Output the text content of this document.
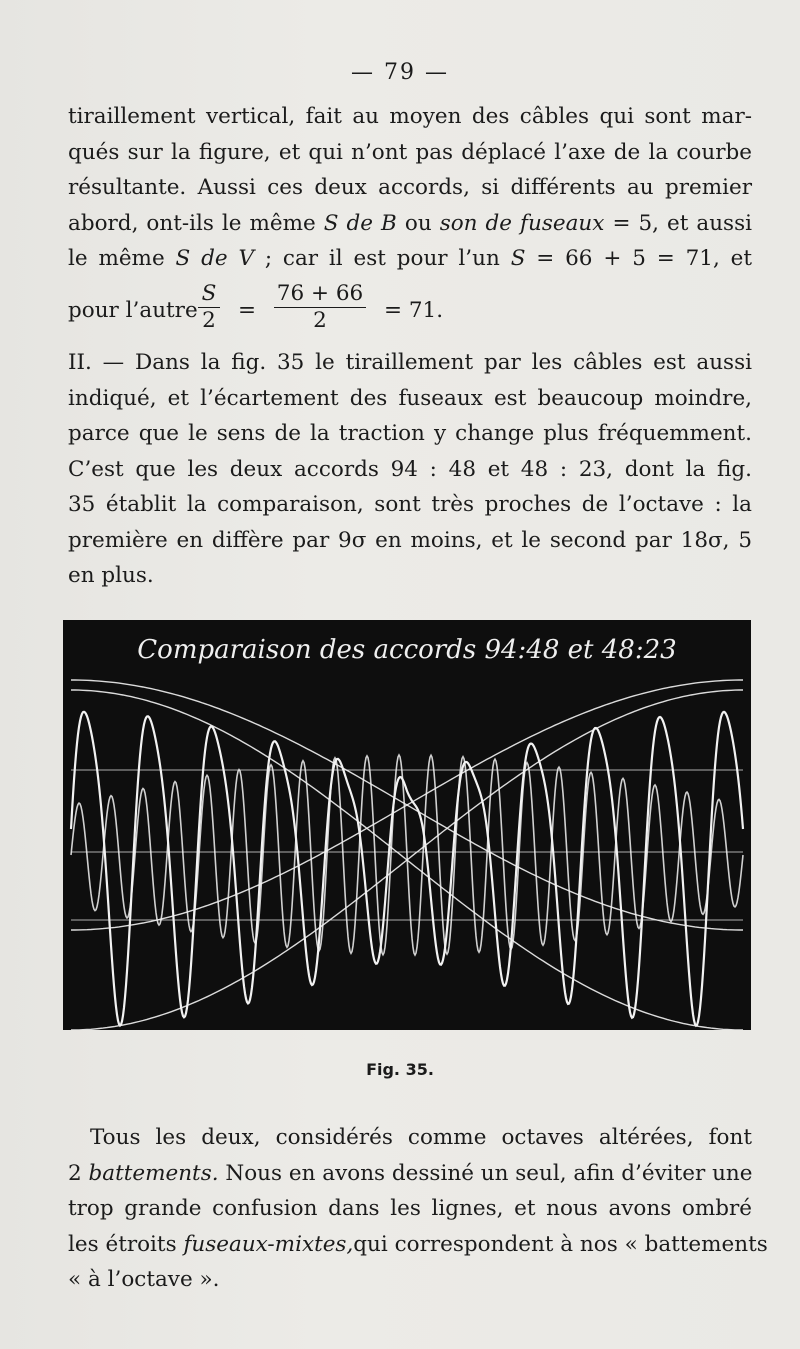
— 79 —
tiraillement vertical, fait au moyen des câbles qui sont mar-
qués sur la figure, et qui n’ont pas déplacé l’axe de la courbe
résultante. Aussi ces deux accords, si différents au premier
abord, ont-ils le même S de B ou son de fuseaux = 5, et aussi
le même S de V ; car il est pour l’un S = 66 + 5 = 71, et
pour l’autre $\frac{S}{2} = \frac{76 + 66}{2} = 71$.
II. — Dans la fig. 35 le tiraillement par les câbles est aussi
indiqué, et l’écartement des fuseaux est beaucoup moindre,
parce que le sens de la traction y change plus fréquemment.
C’est que les deux accords 94 : 48 et 48 : 23, dont la fig.
35 établit la comparaison, sont très proches de l’octave : la
première en diffère par 9σ en moins, et le second par 18σ, 5
en plus.
Comparaison des accords 94:48 et 48:23
Fig. 35.
Tous les deux, considérés comme octaves altérées, font
2 battements. Nous en avons dessiné un seul, afin d’éviter une
trop grande confusion dans les lignes, et nous avons ombré
les étroits fuseaux-mixtes,qui correspondent à nos « battements
« à l’octave ».
